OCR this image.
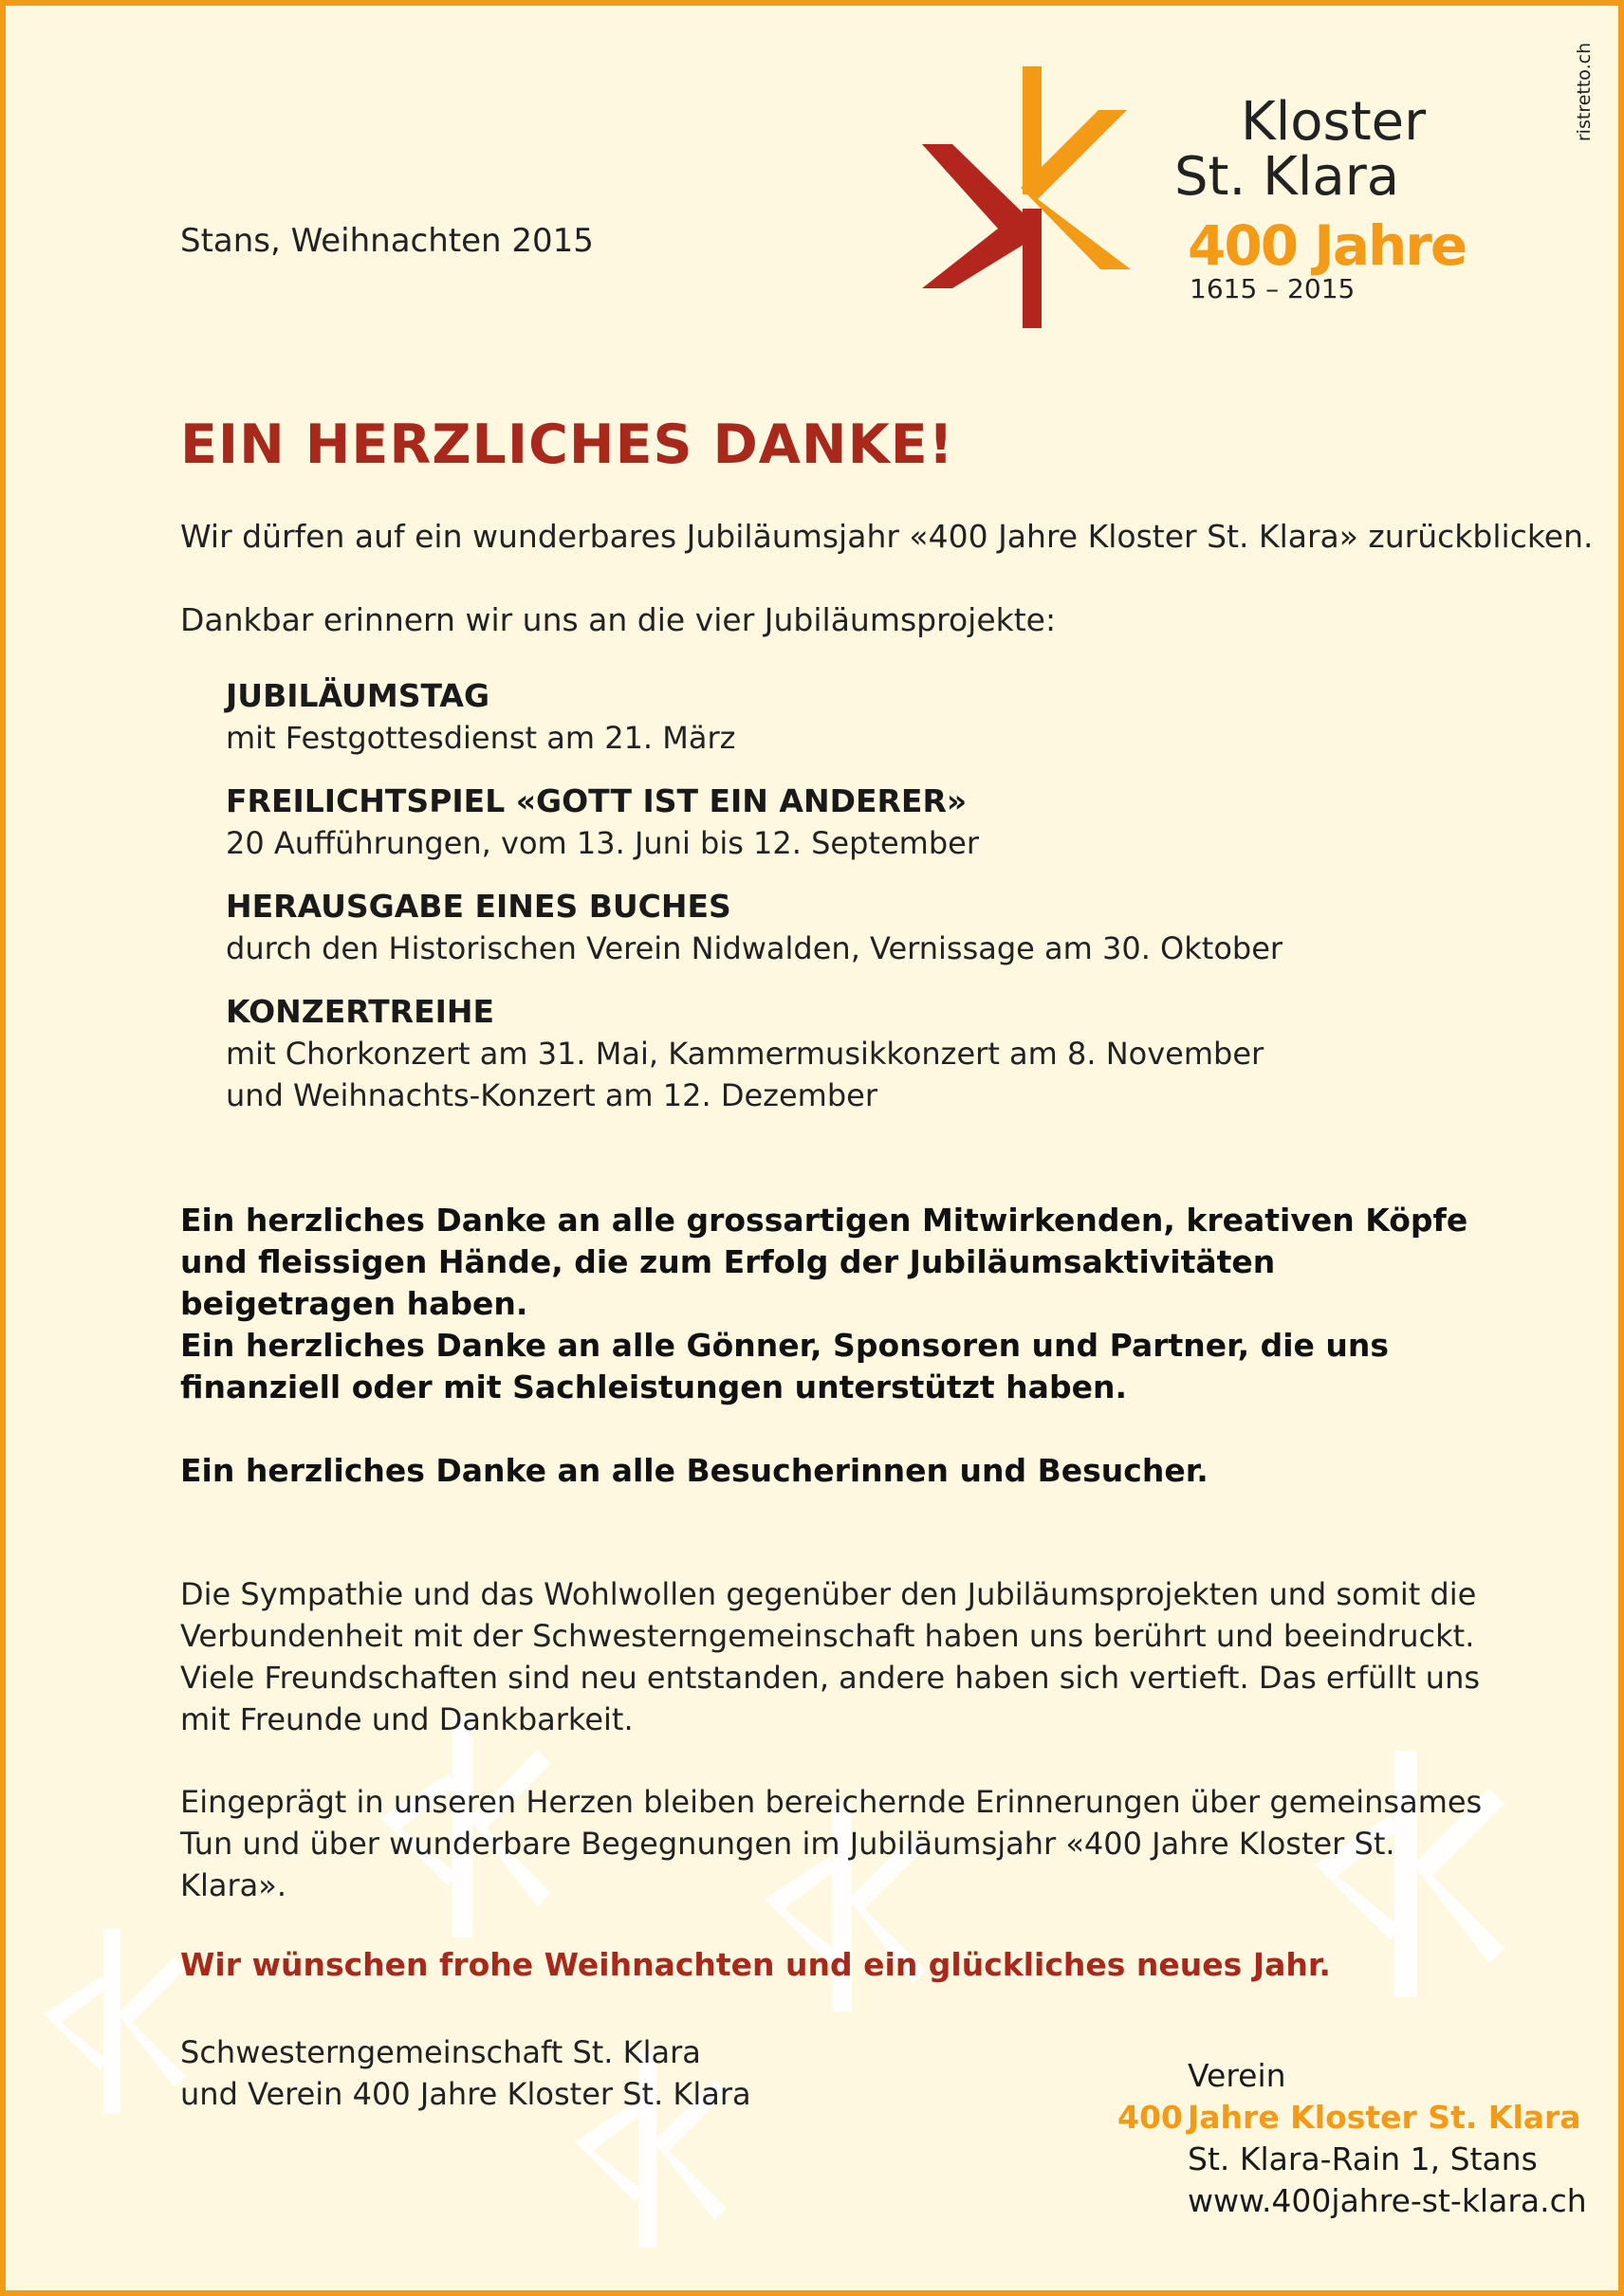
ristretto.ch
Stans, Weihnachten 2015
Kloster
St. Klara
400 Jahre
1615 – 2015
EIN HERZLICHES DANKE!
Wir dürfen auf ein wunderbares Jubiläumsjahr «400 Jahre Kloster St. Klara» zurückblicken.
Dankbar erinnern wir uns an die vier Jubiläumsprojekte:
JUBILÄUMSTAG
mit Festgottesdienst am 21. März
FREILICHTSPIEL «GOTT IST EIN ANDERER»
20 Aufführungen, vom 13. Juni bis 12. September
HERAUSGABE EINES BUCHES
durch den Historischen Verein Nidwalden, Vernissage am 30. Oktober
KONZERTREIHE
mit Chorkonzert am 31. Mai, Kammermusikkonzert am 8. November
und Weihnachts-Konzert am 12. Dezember
Ein herzliches Danke an alle grossartigen Mitwirkenden, kreativen Köpfe und fleissigen Hände, die zum Erfolg der Jubiläumsaktivitäten beigetragen haben.
Ein herzliches Danke an alle Gönner, Sponsoren und Partner, die uns finanziell oder mit Sachleistungen unterstützt haben.
Ein herzliches Danke an alle Besucherinnen und Besucher.
Die Sympathie und das Wohlwollen gegenüber den Jubiläumsprojekten und somit die Verbundenheit mit der Schwesterngemeinschaft haben uns berührt und beeindruckt. Viele Freundschaften sind neu entstanden, andere haben sich vertieft. Das erfüllt uns mit Freunde und Dankbarkeit.
Eingeprägt in unseren Herzen bleiben bereichernde Erinnerungen über gemeinsames Tun und über wunderbare Begegnungen im Jubiläumsjahr «400 Jahre Kloster St. Klara».
Wir wünschen frohe Weihnachten und ein glückliches neues Jahr.
Schwesterngemeinschaft St. Klara
und Verein 400 Jahre Kloster St. Klara	Verein
400 Jahre Kloster St. Klara
St. Klara-Rain 1, Stans
www.400jahre-st-klara.ch
